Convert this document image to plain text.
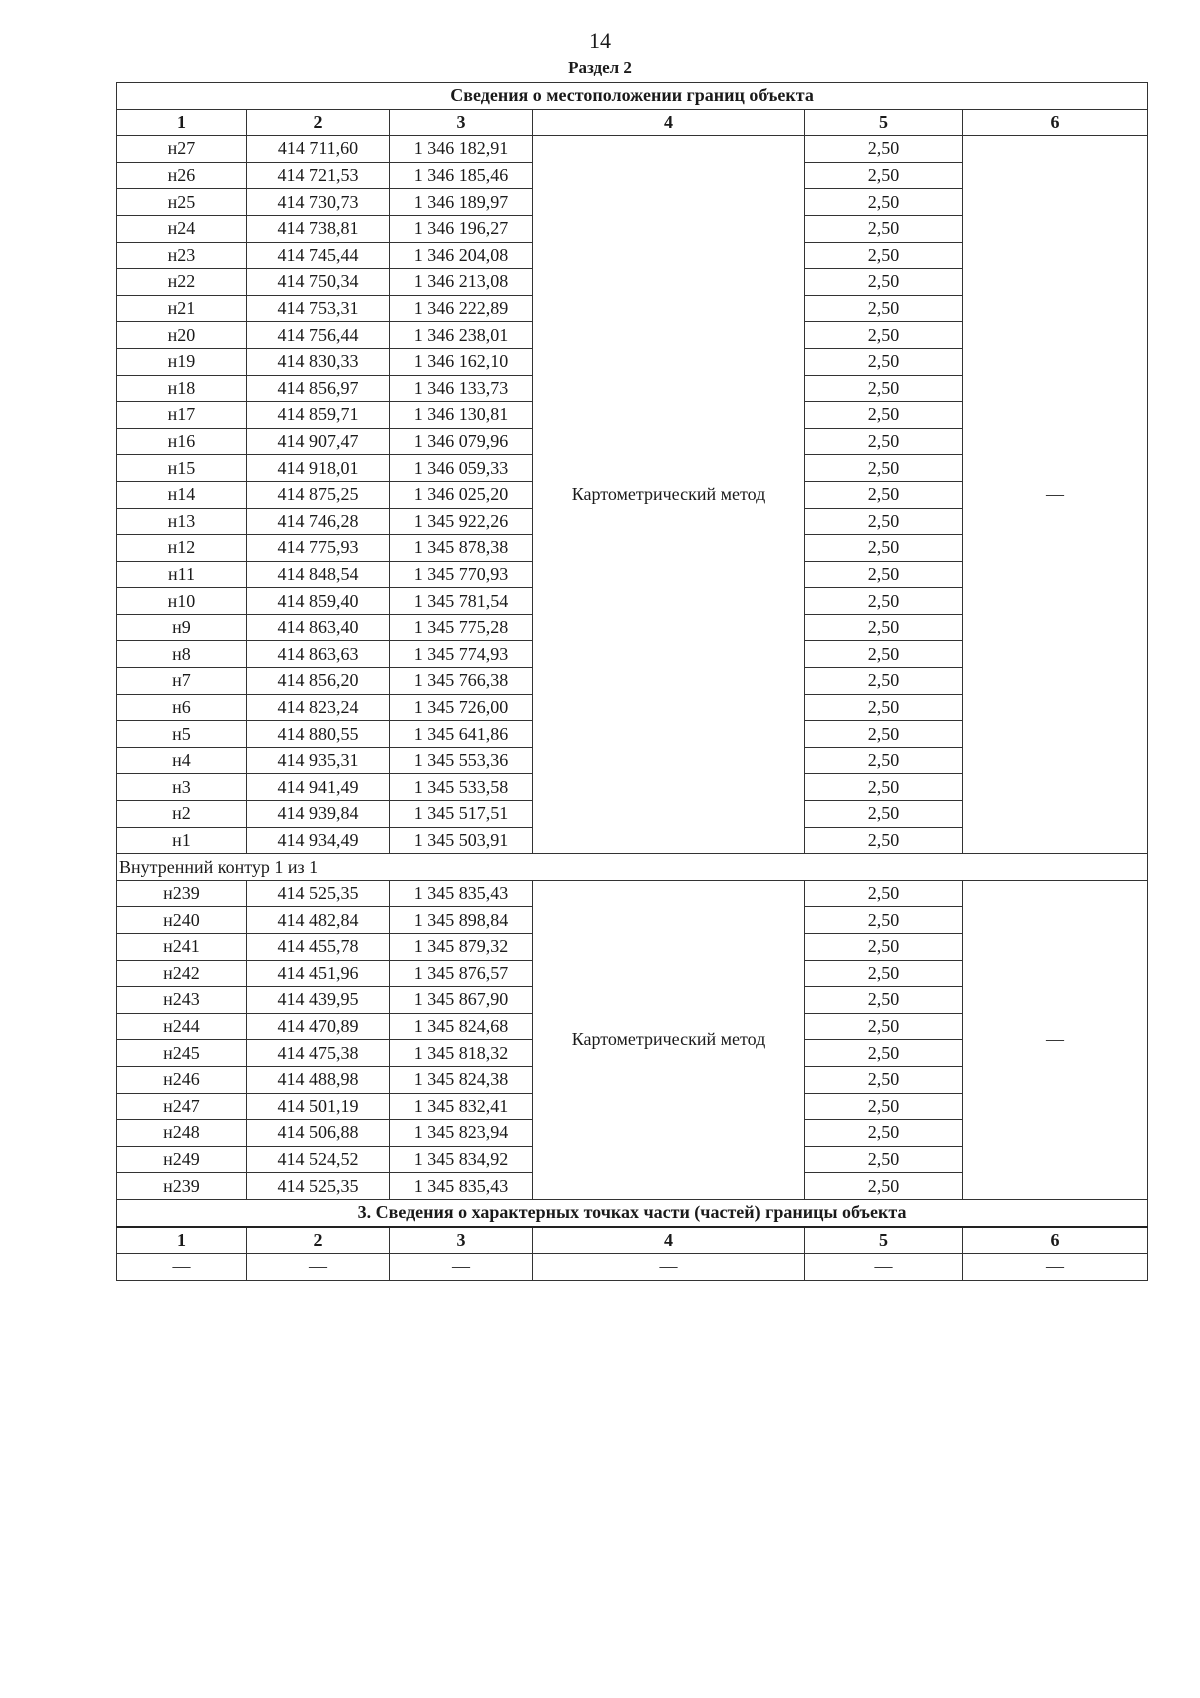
14
Раздел 2
Сведения о местоположении границ объекта					
1	2	3	4	5	6
н27	414 711,60	1 346 182,91	Картометрический метод	2,50	—
н26	414 721,53	1 346 185,46		2,50	
н25	414 730,73	1 346 189,97		2,50	
н24	414 738,81	1 346 196,27		2,50	
н23	414 745,44	1 346 204,08		2,50	
н22	414 750,34	1 346 213,08		2,50	
н21	414 753,31	1 346 222,89		2,50	
н20	414 756,44	1 346 238,01		2,50	
н19	414 830,33	1 346 162,10		2,50	
н18	414 856,97	1 346 133,73		2,50	
н17	414 859,71	1 346 130,81		2,50	
н16	414 907,47	1 346 079,96		2,50	
н15	414 918,01	1 346 059,33		2,50	
н14	414 875,25	1 346 025,20		2,50	
н13	414 746,28	1 345 922,26		2,50	
н12	414 775,93	1 345 878,38		2,50	
н11	414 848,54	1 345 770,93		2,50	
н10	414 859,40	1 345 781,54		2,50	
н9	414 863,40	1 345 775,28		2,50	
н8	414 863,63	1 345 774,93		2,50	
н7	414 856,20	1 345 766,38		2,50	
н6	414 823,24	1 345 726,00		2,50	
н5	414 880,55	1 345 641,86		2,50	
н4	414 935,31	1 345 553,36		2,50	
н3	414 941,49	1 345 533,58		2,50	
н2	414 939,84	1 345 517,51		2,50	
н1	414 934,49	1 345 503,91		2,50	
Внутренний контур 1 из 1					
н239	414 525,35	1 345 835,43	Картометрический метод	2,50	—
н240	414 482,84	1 345 898,84		2,50	
н241	414 455,78	1 345 879,32		2,50	
н242	414 451,96	1 345 876,57		2,50	
н243	414 439,95	1 345 867,90		2,50	
н244	414 470,89	1 345 824,68		2,50	
н245	414 475,38	1 345 818,32		2,50	
н246	414 488,98	1 345 824,38		2,50	
н247	414 501,19	1 345 832,41		2,50	
н248	414 506,88	1 345 823,94		2,50	
н249	414 524,52	1 345 834,92		2,50	
н239	414 525,35	1 345 835,43		2,50	
3. Сведения о характерных точках части (частей) границы объекта					
1	2	3	4	5	6
—	—	—	—	—	—
